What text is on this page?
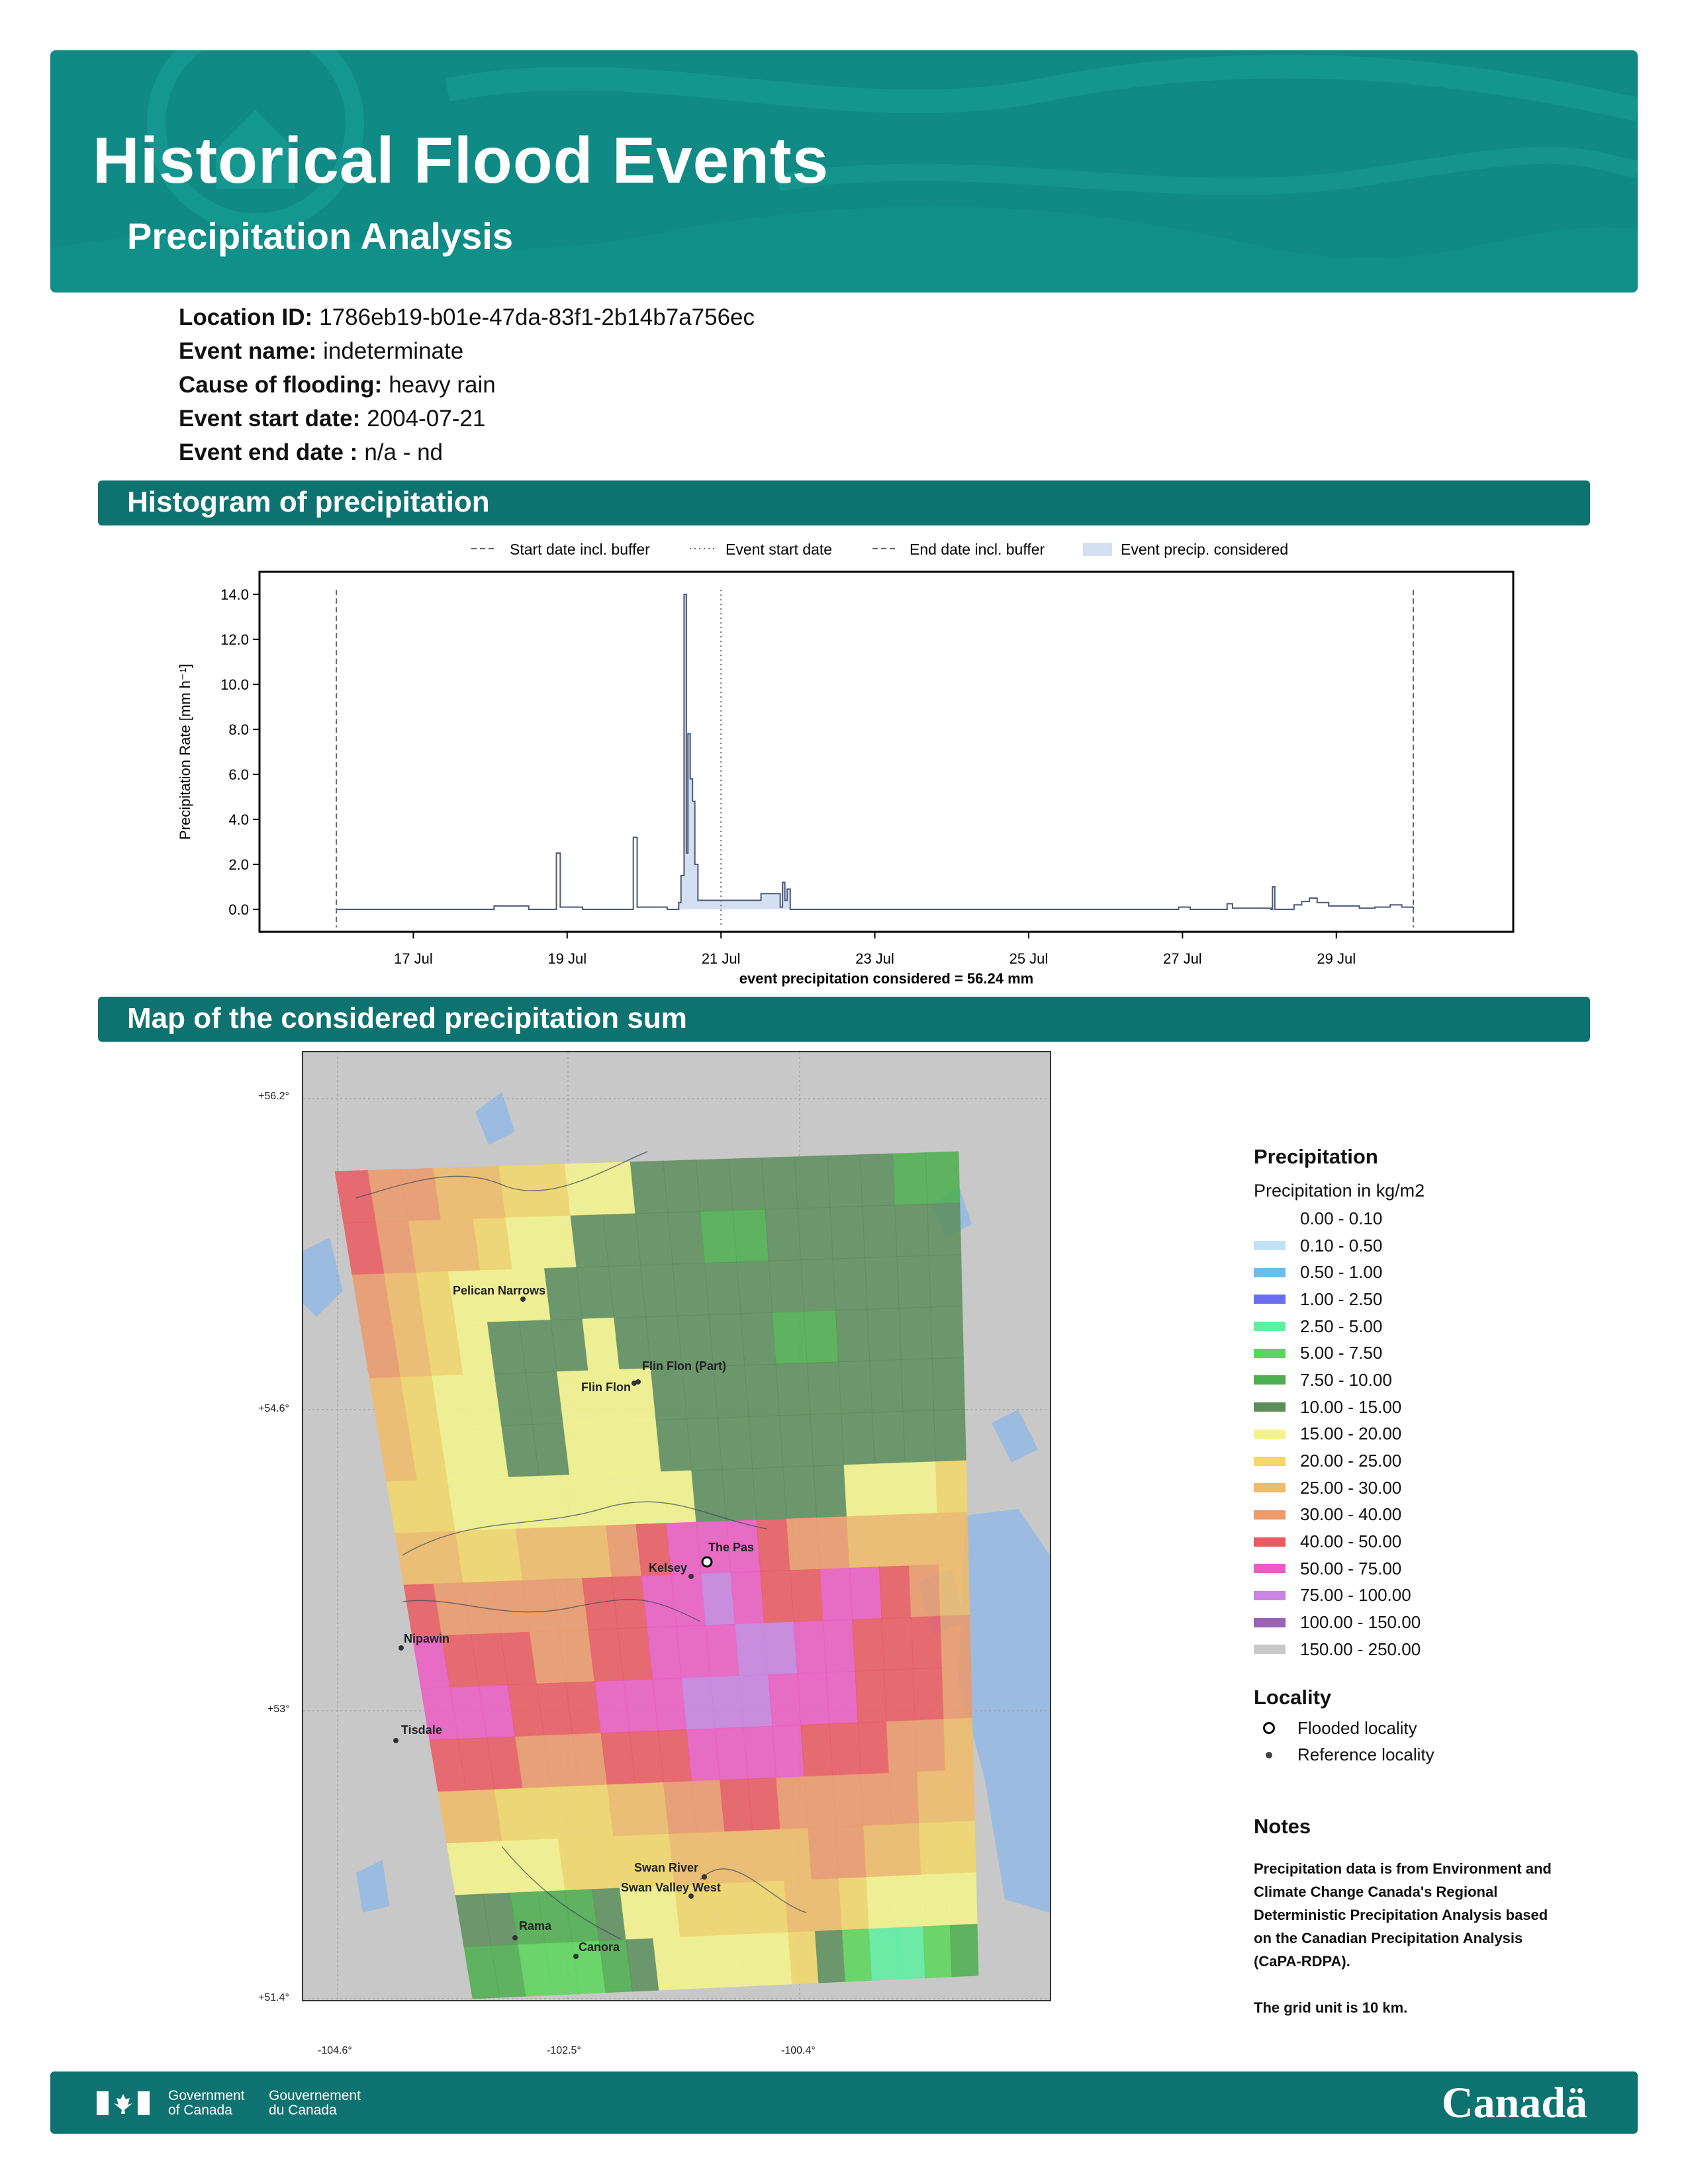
Historical Flood Events
Precipitation Analysis
Location ID: 1786eb19-b01e-47da-83f1-2b14b7a756ec
Event name: indeterminate
Cause of flooding: heavy rain
Event start date: 2004-07-21
Event end date : n/a - nd
Histogram of precipitation
Start date incl. buffer	Event start date	End date incl. buffer	Event precip. considered
0.0
2.0
4.0
6.0
8.0
10.0
12.0
14.0
17 Jul	19 Jul	21 Jul	23 Jul	25 Jul	27 Jul	29 Jul
Precipitation Rate [mm h⁻¹]
event precipitation considered = 56.24 mm
Map of the considered precipitation sum
Pelican Narrows
Flin Flon (Part)
Flin Flon
Kelsey
Nipawin
Tisdale
Swan River
Swan Valley West
Rama
Canora
The Pas
+56.2°
+54.6°
+53°
+51.4°
-104.6°	-102.5°	-100.4°
Precipitation
Precipitation in kg/m2
0.00 - 0.10
0.10 - 0.50
0.50 - 1.00
1.00 - 2.50
2.50 - 5.00
5.00 - 7.50
7.50 - 10.00
10.00 - 15.00
15.00 - 20.00
20.00 - 25.00
25.00 - 30.00
30.00 - 40.00
40.00 - 50.00
50.00 - 75.00
75.00 - 100.00
100.00 - 150.00
150.00 - 250.00
Locality
Flooded locality
Reference locality
Notes
Precipitation data is from Environment and
Climate Change Canada's Regional
Deterministic Precipitation Analysis based
on the Canadian Precipitation Analysis
(CaPA-RDPA).
The grid unit is 10 km.
Government
of Canada
Gouvernement
du Canada	Canadä
